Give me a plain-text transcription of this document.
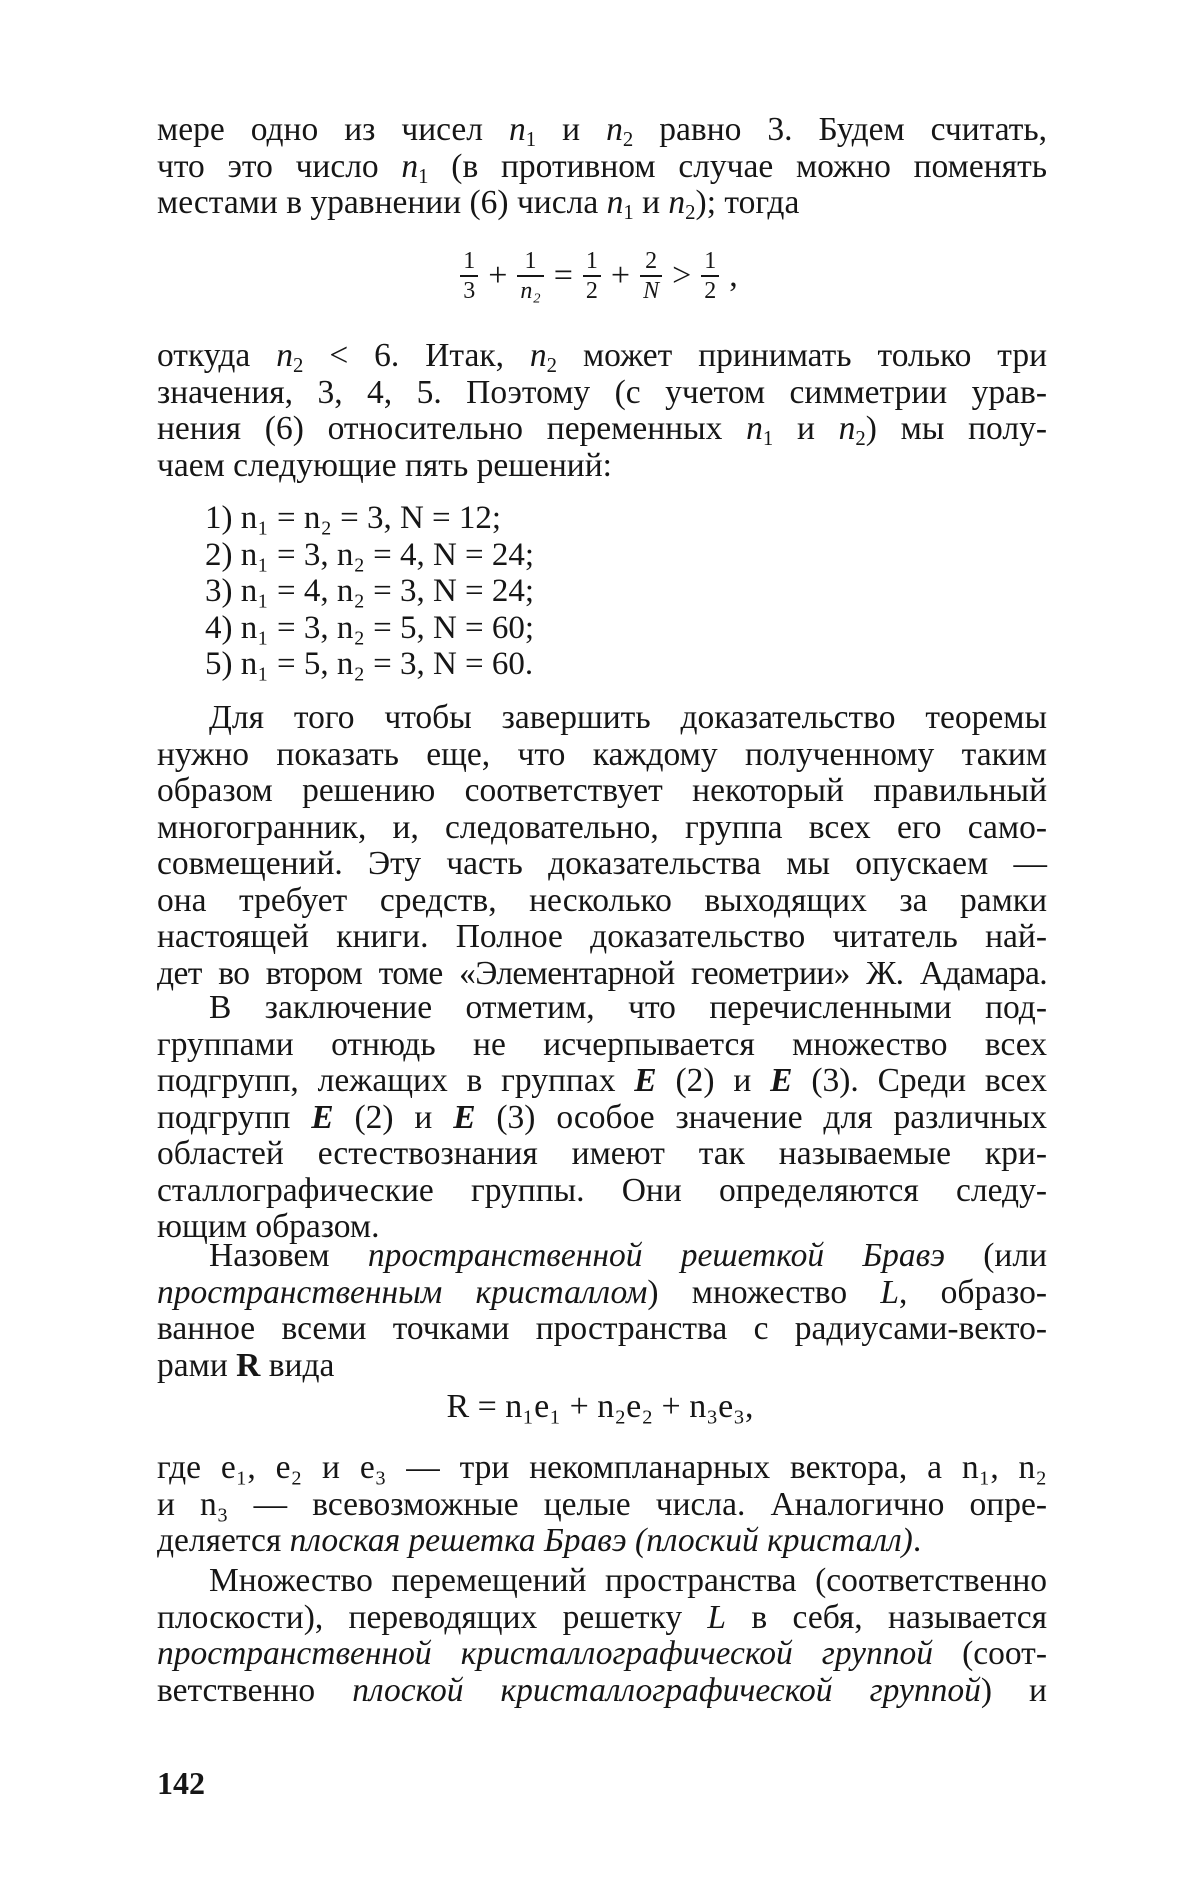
мере одно из чисел $n_1$ и $n_2$ равно 3. Будем считать,
что это число $n_1$ (в противном случае можно поменять
местами в уравнении (6) числа $n_1$ и $n_2$); тогда
$\frac{1}{3} + \frac{1}{\text{n₂}} = \frac{1}{2} + \frac{2}{N} > \frac{1}{2}$ ,
откуда $n_2 < 6$. Итак, $n_2$ может принимать только три
значения, 3, 4, 5. Поэтому (с учетом симметрии урав-
нения (6) относительно переменных $n_1$ и $n_2$) мы полу-
чаем следующие пять решений:
1) n₁ = n₂ = 3, N = 12;
2) n₁ = 3, n₂ = 4, N = 24;
3) n₁ = 4, n₂ = 3, N = 24;
4) n₁ = 3, n₂ = 5, N = 60;
5) n₁ = 5, n₂ = 3, N = 60.
Для того чтобы завершить доказательство теоремы
нужно показать еще, что каждому полученному таким
образом решению соответствует некоторый правильный
многогранник, и, следовательно, группа всех его само-
совмещений. Эту часть доказательства мы опускаем —
она требует средств, несколько выходящих за рамки
настоящей книги. Полное доказательство читатель най-
дет во втором томе «Элементарной геометрии» Ж. Адамара.
В заключение отметим, что перечисленными под-
группами отнюдь не исчерпывается множество всех
подгрупп, лежащих в группах E (2) и E (3). Среди всех
подгрупп E (2) и E (3) особое значение для различных
областей естествознания имеют так называемые кри-
сталлографические группы. Они определяются следу-
ющим образом.
Назовем пространственной решеткой Бравэ (или
пространственным кристаллом) множество L, образо-
ванное всеми точками пространства с радиусами-векто-
рами R вида
R = n₁e₁ + n₂e₂ + n₃e₃,
где e₁, e₂ и e₃ — три некомпланарных вектора, а n₁, n₂
и n₃ — всевозможные целые числа. Аналогично опре-
деляется плоская решетка Бравэ (плоский кристалл).
Множество перемещений пространства (соответственно
плоскости), переводящих решетку L в себя, называется
пространственной кристаллографической группой (соот-
ветственно плоской кристаллографической группой) и
142
